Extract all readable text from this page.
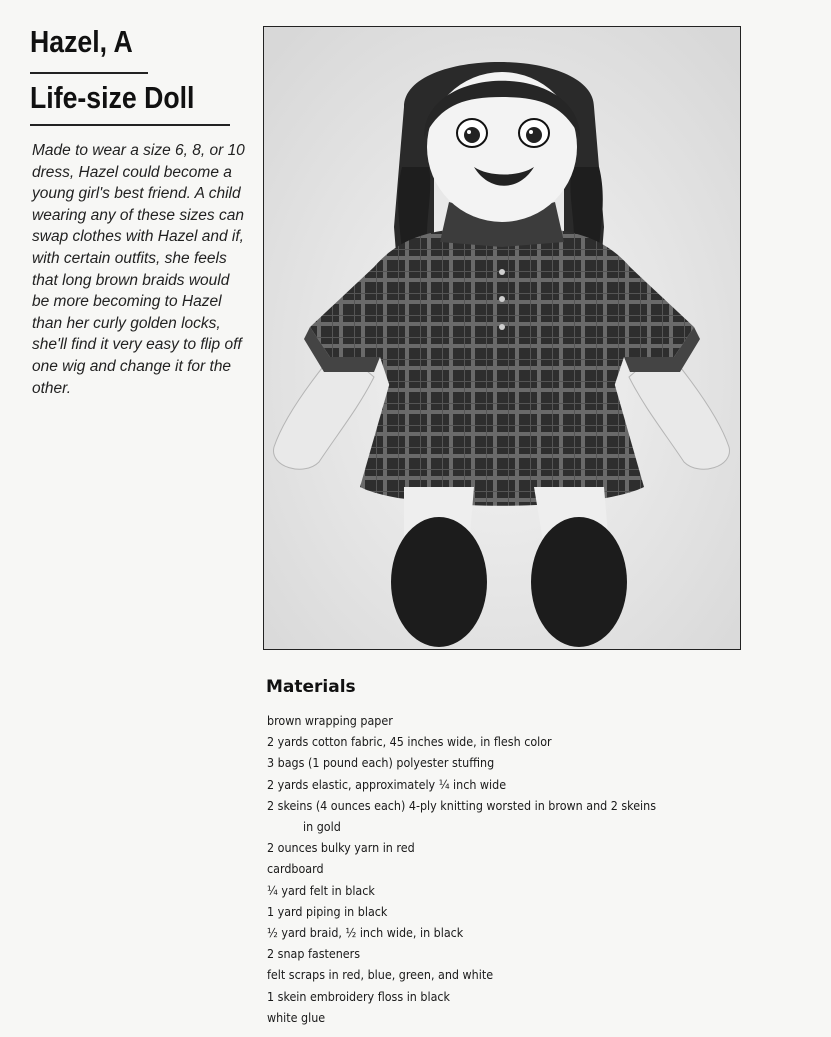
Hazel, A
Life-size Doll

Made to wear a size 6, 8, or 10 dress, Hazel could become a young girl's best friend. A child wearing any of these sizes can swap clothes with Hazel and if, with certain outfits, she feels that long brown braids would be more becoming to Hazel than her curly golden locks, she'll find it very easy to flip off one wig and change it for the other.

Materials
brown wrapping paper
2 yards cotton fabric, 45 inches wide, in flesh color
3 bags (1 pound each) polyester stuffing
2 yards elastic, approximately ¼ inch wide
2 skeins (4 ounces each) 4-ply knitting worsted in brown and 2 skeins
in gold
2 ounces bulky yarn in red
cardboard
¼ yard felt in black
1 yard piping in black
½ yard braid, ½ inch wide, in black
2 snap fasteners
felt scraps in red, blue, green, and white
1 skein embroidery floss in black
white glue
